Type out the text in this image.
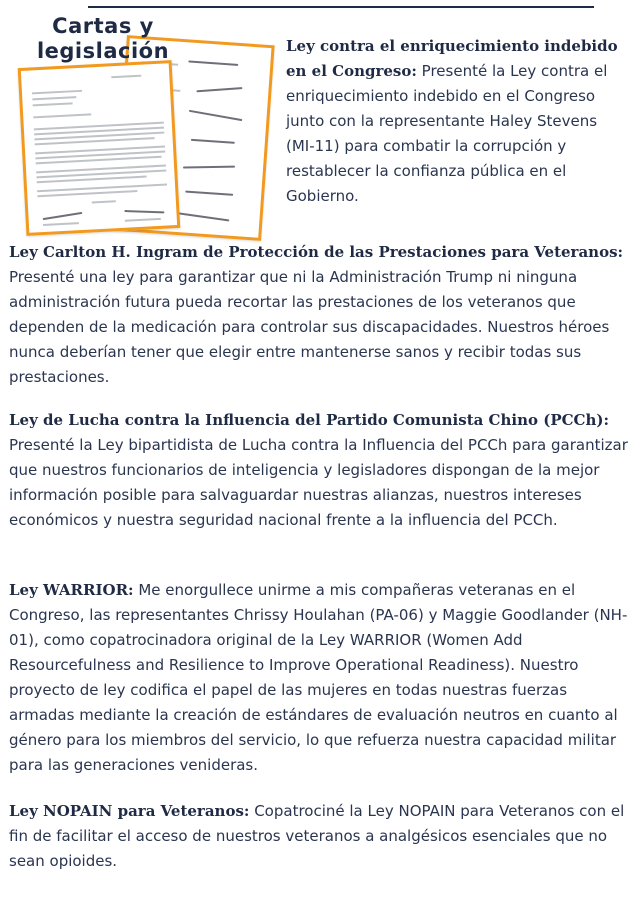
Cartas y
legislación	Ley contra el enriquecimiento indebido en el Congreso: Presenté la Ley contra el enriquecimiento indebido en el Congreso junto con la representante Haley Stevens (MI-11) para combatir la corrupción y restablecer la confianza pública en el Gobierno.
Ley Carlton H. Ingram de Protección de las Prestaciones para Veteranos: Presenté una ley para garantizar que ni la Administración Trump ni ninguna administración futura pueda recortar las prestaciones de los veteranos que dependen de la medicación para controlar sus discapacidades. Nuestros héroes nunca deberían tener que elegir entre mantenerse sanos y recibir todas sus prestaciones.
Ley de Lucha contra la Influencia del Partido Comunista Chino (PCCh): Presenté la Ley bipartidista de Lucha contra la Influencia del PCCh para garantizar que nuestros funcionarios de inteligencia y legisladores dispongan de la mejor información posible para salvaguardar nuestras alianzas, nuestros intereses económicos y nuestra seguridad nacional frente a la influencia del PCCh.
Ley WARRIOR: Me enorgullece unirme a mis compañeras veteranas en el Congreso, las representantes Chrissy Houlahan (PA-06) y Maggie Goodlander (NH-01), como copatrocinadora original de la Ley WARRIOR (Women Add Resourcefulness and Resilience to Improve Operational Readiness). Nuestro proyecto de ley codifica el papel de las mujeres en todas nuestras fuerzas armadas mediante la creación de estándares de evaluación neutros en cuanto al género para los miembros del servicio, lo que refuerza nuestra capacidad militar para las generaciones venideras.
Ley NOPAIN para Veteranos: Copatrociné la Ley NOPAIN para Veteranos con el fin de facilitar el acceso de nuestros veteranos a analgésicos esenciales que no sean opioides.
